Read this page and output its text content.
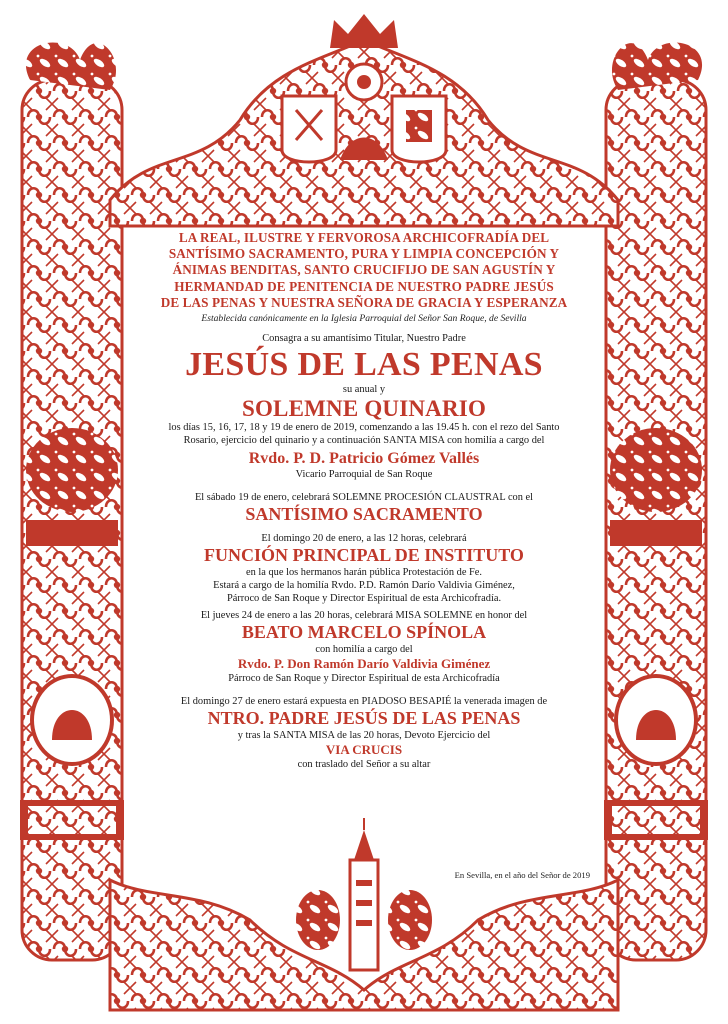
LA REAL, ILUSTRE Y FERVOROSA ARCHICOFRADÍA DEL

SANTÍSIMO SACRAMENTO, PURA Y LIMPIA CONCEPCIÓN Y

ÁNIMAS BENDITAS, SANTO CRUCIFIJO DE SAN AGUSTÍN Y

HERMANDAD DE PENITENCIA DE NUESTRO PADRE JESÚS

DE LAS PENAS Y NUESTRA SEÑORA DE GRACIA Y ESPERANZA

Establecida canónicamente en la Iglesia Parroquial del Señor San Roque, de Sevilla

Consagra a su amantísimo Titular, Nuestro Padre

JESÚS DE LAS PENAS

su anual y

SOLEMNE QUINARIO

los días 15, 16, 17, 18 y 19 de enero de 2019, comenzando a las 19.45 h. con el rezo del Santo

Rosario, ejercicio del quinario y a continuación SANTA MISA con homilía a cargo del

Rvdo. P. D. Patricio Gómez Vallés

Vicario Parroquial de San Roque

El sábado 19 de enero, celebrará SOLEMNE PROCESIÓN CLAUSTRAL con el

SANTÍSIMO SACRAMENTO

El domingo 20 de enero, a las 12 horas, celebrará

FUNCIÓN PRINCIPAL DE INSTITUTO

en la que los hermanos harán pública Protestación de Fe.

Estará a cargo de la homilía Rvdo. P.D. Ramón Darío Valdivia Giménez,

Párroco de San Roque y Director Espiritual de esta Archicofradía.

El jueves 24 de enero a las 20 horas, celebrará MISA SOLEMNE en honor del

BEATO MARCELO SPÍNOLA

con homilía a cargo del

Rvdo. P. Don Ramón Darío Valdivia Giménez

Párroco de San Roque y Director Espiritual de esta Archicofradía

El domingo 27 de enero estará expuesta en PIADOSO BESAPIÉ la venerada imagen de

NTRO. PADRE JESÚS DE LAS PENAS

y tras la SANTA MISA de las 20 horas, Devoto Ejercicio del

VIA CRUCIS

con traslado del Señor a su altar

En Sevilla, en el año del Señor de 2019
